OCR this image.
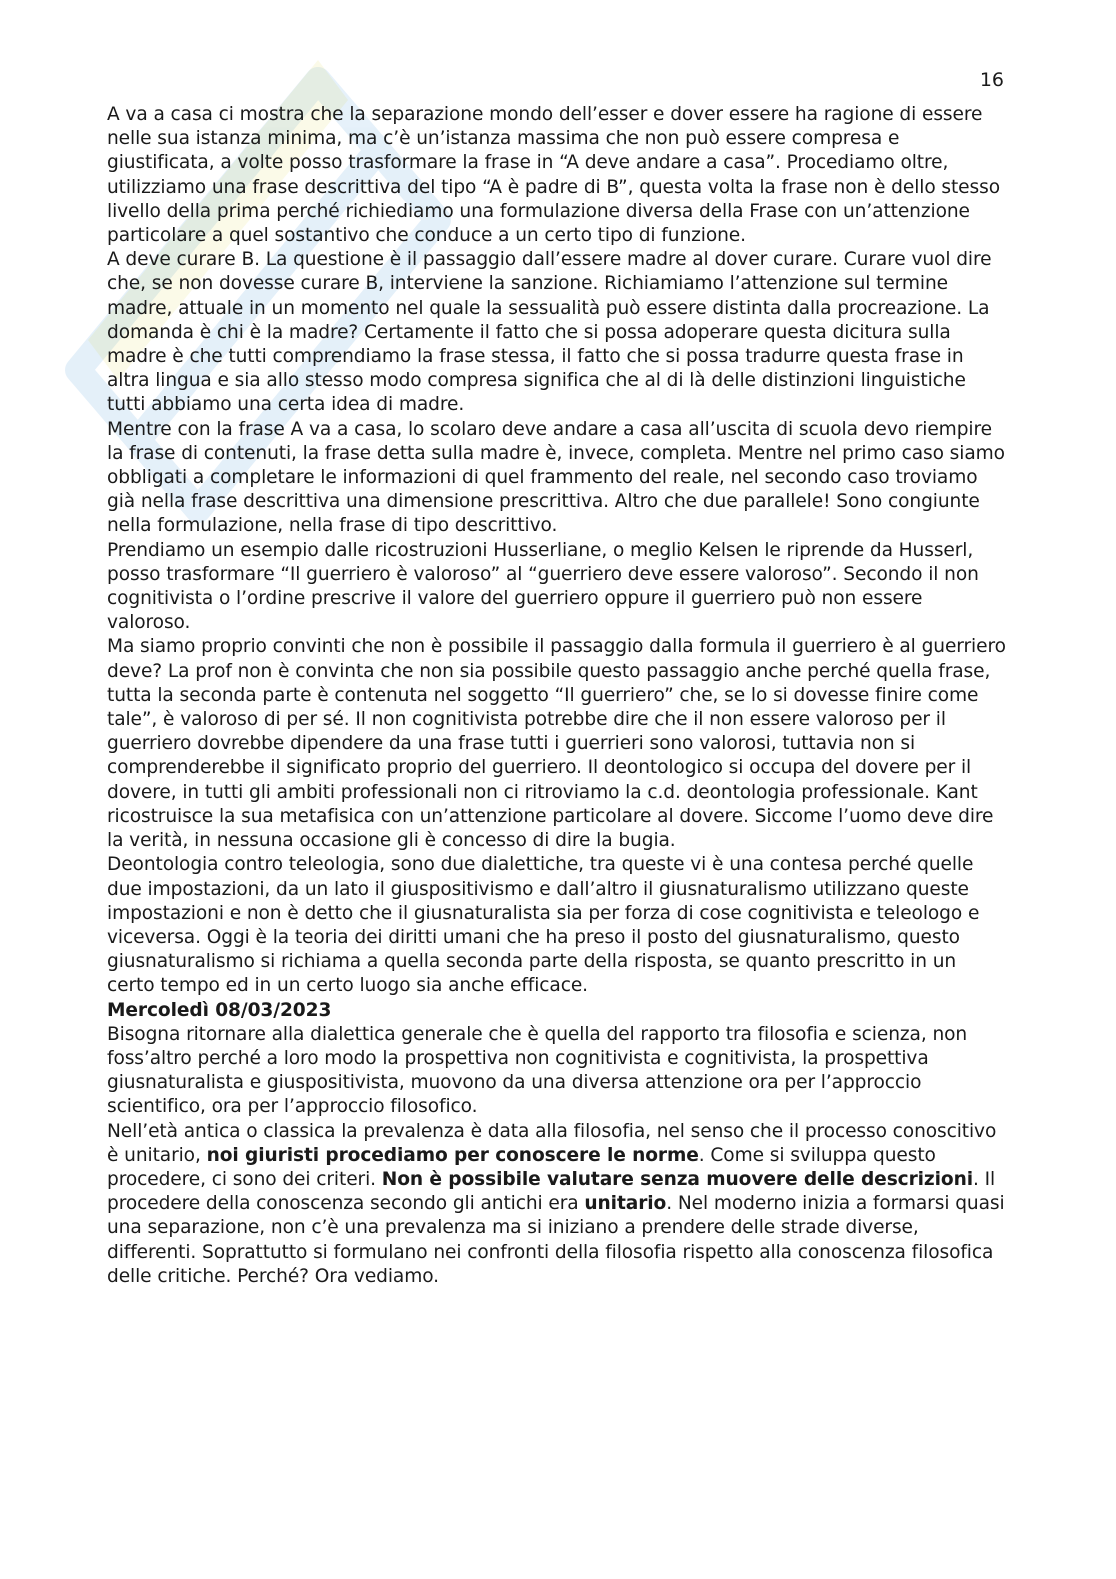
16

A va a casa ci mostra che la separazione mondo dell’esser e dover essere ha ragione di essere nelle sua istanza minima, ma c’è un’istanza massima che non può essere compresa e giustificata, a volte posso trasformare la frase in “A deve andare a casa”. Procediamo oltre, utilizziamo una frase descrittiva del tipo “A è padre di B”, questa volta la frase non è dello stesso livello della prima perché richiediamo una formulazione diversa della Frase con un’attenzione particolare a quel sostantivo che conduce a un certo tipo di funzione.

A deve curare B. La questione è il passaggio dall’essere madre al dover curare. Curare vuol dire che, se non dovesse curare B, interviene la sanzione. Richiamiamo l’attenzione sul termine madre, attuale in un momento nel quale la sessualità può essere distinta dalla procreazione. La domanda è chi è la madre? Certamente il fatto che si possa adoperare questa dicitura sulla madre è che tutti comprendiamo la frase stessa, il fatto che si possa tradurre questa frase in altra lingua e sia allo stesso modo compresa significa che al di là delle distinzioni linguistiche tutti abbiamo una certa idea di madre.

Mentre con la frase A va a casa, lo scolaro deve andare a casa all’uscita di scuola devo riempire la frase di contenuti, la frase detta sulla madre è, invece, completa. Mentre nel primo caso siamo obbligati a completare le informazioni di quel frammento del reale, nel secondo caso troviamo già nella frase descrittiva una dimensione prescrittiva. Altro che due parallele! Sono congiunte nella formulazione, nella frase di tipo descrittivo.

Prendiamo un esempio dalle ricostruzioni Husserliane, o meglio Kelsen le riprende da Husserl, posso trasformare “Il guerriero è valoroso” al “guerriero deve essere valoroso”. Secondo il non cognitivista o l’ordine prescrive il valore del guerriero oppure il guerriero può non essere valoroso.

Ma siamo proprio convinti che non è possibile il passaggio dalla formula il guerriero è al guerriero deve? La prof non è convinta che non sia possibile questo passaggio anche perché quella frase, tutta la seconda parte è contenuta nel soggetto “Il guerriero” che, se lo si dovesse finire come tale”, è valoroso di per sé. Il non cognitivista potrebbe dire che il non essere valoroso per il guerriero dovrebbe dipendere da una frase tutti i guerrieri sono valorosi, tuttavia non si comprenderebbe il significato proprio del guerriero. Il deontologico si occupa del dovere per il dovere, in tutti gli ambiti professionali non ci ritroviamo la c.d. deontologia professionale. Kant ricostruisce la sua metafisica con un’attenzione particolare al dovere. Siccome l’uomo deve dire la verità, in nessuna occasione gli è concesso di dire la bugia.

Deontologia contro teleologia, sono due dialettiche, tra queste vi è una contesa perché quelle due impostazioni, da un lato il giuspositivismo e dall’altro il giusnaturalismo utilizzano queste impostazioni e non è detto che il giusnaturalista sia per forza di cose cognitivista e teleologo e viceversa. Oggi è la teoria dei diritti umani che ha preso il posto del giusnaturalismo, questo giusnaturalismo si richiama a quella seconda parte della risposta, se quanto prescritto in un certo tempo ed in un certo luogo sia anche efficace.

Mercoledì 08/03/2023

Bisogna ritornare alla dialettica generale che è quella del rapporto tra filosofia e scienza, non foss’altro perché a loro modo la prospettiva non cognitivista e cognitivista, la prospettiva giusnaturalista e giuspositivista, muovono da una diversa attenzione ora per l’approccio scientifico, ora per l’approccio filosofico.

Nell’età antica o classica la prevalenza è data alla filosofia, nel senso che il processo conoscitivo è unitario, noi giuristi procediamo per conoscere le norme. Come si sviluppa questo procedere, ci sono dei criteri. Non è possibile valutare senza muovere delle descrizioni. Il procedere della conoscenza secondo gli antichi era unitario. Nel moderno inizia a formarsi quasi una separazione, non c’è una prevalenza ma si iniziano a prendere delle strade diverse, differenti. Soprattutto si formulano nei confronti della filosofia rispetto alla conoscenza filosofica delle critiche. Perché? Ora vediamo.
